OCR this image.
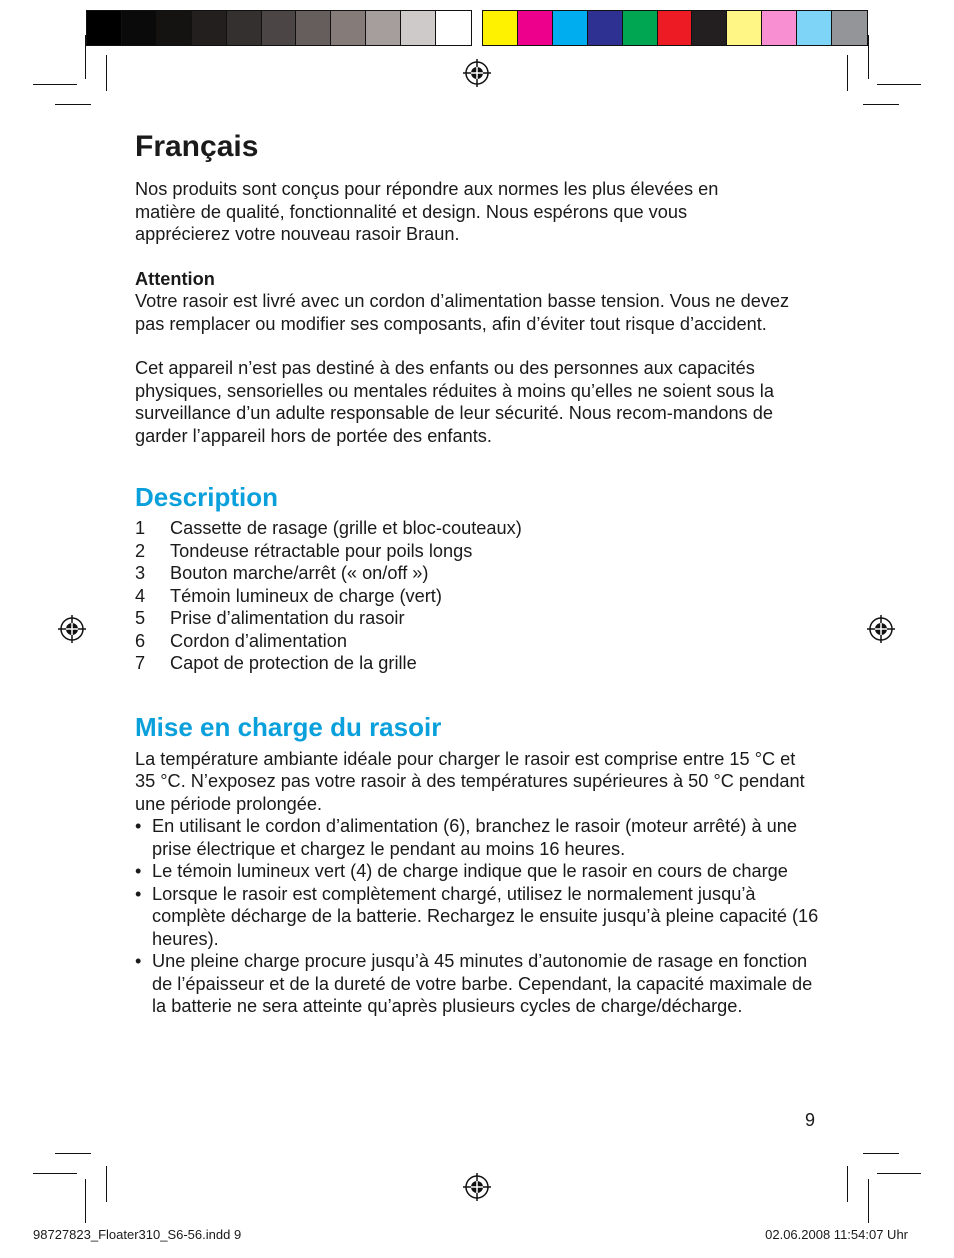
Français

Nos produits sont conçus pour répondre aux normes les plus élevées en matière de qualité, fonctionnalité et design. Nous espérons que vous apprécierez votre nouveau rasoir Braun.

Attention

Votre rasoir est livré avec un cordon d’alimentation basse tension. Vous ne devez pas remplacer ou modifier ses composants, afin d’éviter tout risque d’accident.

Cet appareil n’est pas destiné à des enfants ou des personnes aux capacités physiques, sensorielles ou mentales réduites à moins qu’elles ne soient sous la surveillance d’un adulte responsable de leur sécurité. Nous recom-mandons de garder l’appareil hors de portée des enfants.

Description
1	Cassette de rasage (grille et bloc-couteaux)
2	Tondeuse rétractable pour poils longs
3	Bouton marche/arrêt (« on/off »)
4	Témoin lumineux de charge (vert)
5	Prise d’alimentation du rasoir
6	Cordon d’alimentation
7	Capot de protection de la grille
Mise en charge du rasoir

La température ambiante idéale pour charger le rasoir est comprise entre 15 °C et 35 °C. N’exposez pas votre rasoir à des températures supérieures à 50 °C pendant une période prolongée.

• En utilisant le cordon d’alimentation (6), branchez le rasoir (moteur arrêté) à une prise électrique et chargez le pendant au moins 16 heures.
• Le témoin lumineux vert (4) de charge indique que le rasoir en cours de charge
• Lorsque le rasoir est complètement chargé, utilisez le normalement jusqu’à complète décharge de la batterie. Rechargez le ensuite jusqu’à pleine capacité (16 heures).
• Une pleine charge procure jusqu’à 45 minutes d’autonomie de rasage en fonction de l’épaisseur et de la dureté de votre barbe. Cependant, la capacité maximale de la batterie ne sera atteinte qu’après plusieurs cycles de charge/décharge.
9
98727823_Floater310_S6-56.indd 9	02.06.2008 11:54:07 Uhr
